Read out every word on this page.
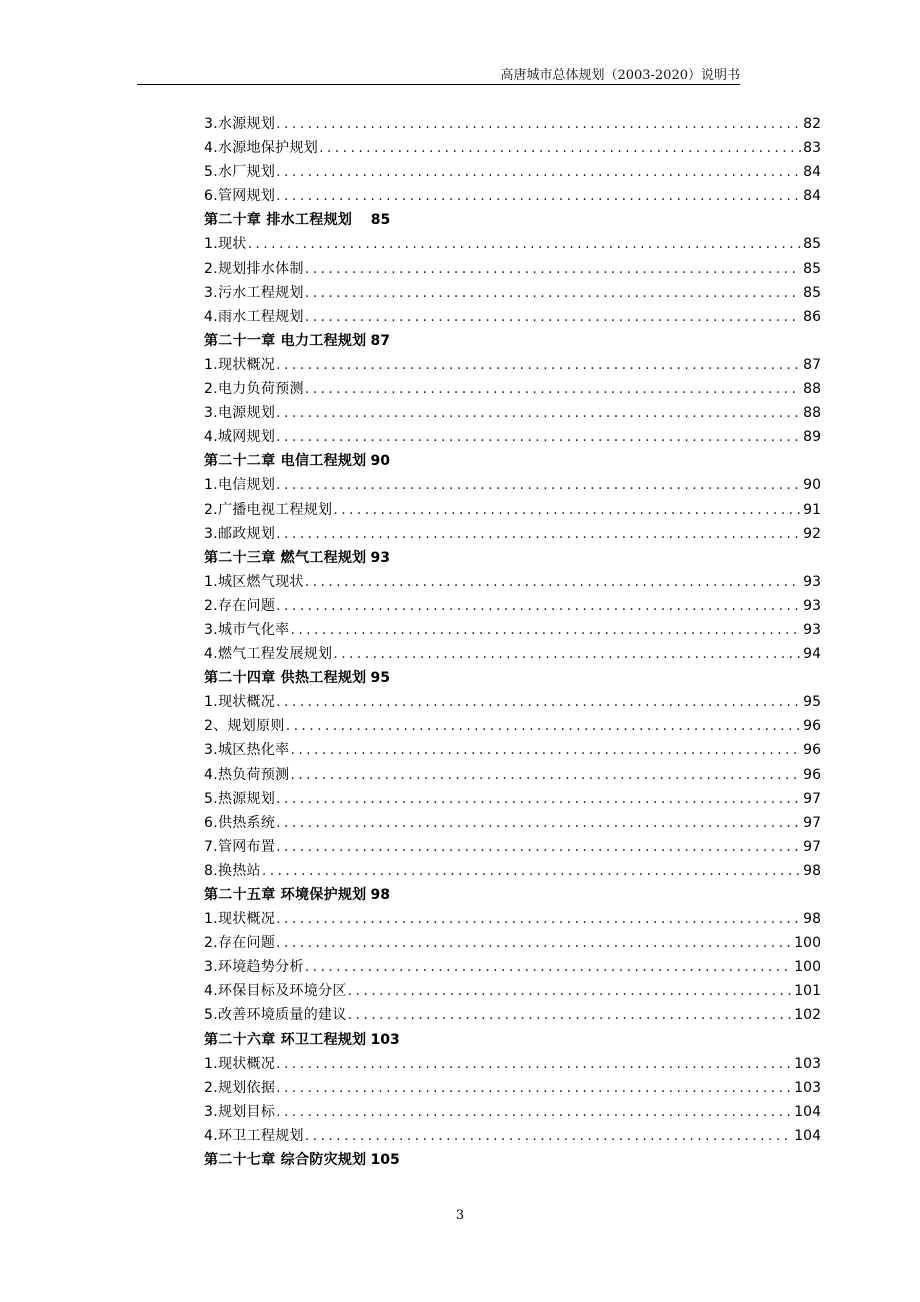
高唐城市总体规划（2003-2020）说明书
3.水源规划 .....	82
4.水源地保护规划 .....	83
5.水厂规划 .....	84
6.管网规划 .....	84
第二十章 排水工程规划 85
1.现状 .....	85
2.规划排水体制 .....	85
3.污水工程规划 .....	85
4.雨水工程规划 .....	86
第二十一章 电力工程规划 87
1.现状概况 .....	87
2.电力负荷预测 .....	88
3.电源规划 .....	88
4.城网规划 .....	89
第二十二章 电信工程规划 90
1.电信规划 .....	90
2.广播电视工程规划 .....	91
3.邮政规划 .....	92
第二十三章 燃气工程规划 93
1.城区燃气现状 .....	93
2.存在问题 .....	93
3.城市气化率 .....	93
4.燃气工程发展规划 .....	94
第二十四章 供热工程规划 95
1.现状概况 .....	95
2、规划原则 .....	96
3.城区热化率 .....	96
4.热负荷预测 .....	96
5.热源规划 .....	97
6.供热系统 .....	97
7.管网布置 .....	97
8.换热站 .....	98
第二十五章 环境保护规划 98
1.现状概况 .....	98
2.存在问题 .....	100
3.环境趋势分析 .....	100
4.环保目标及环境分区 .....	101
5.改善环境质量的建议 .....	102
第二十六章 环卫工程规划 103
1.现状概况 .....	103
2.规划依据 .....	103
3.规划目标 .....	104
4.环卫工程规划 .....	104
第二十七章 综合防灾规划 105
3
